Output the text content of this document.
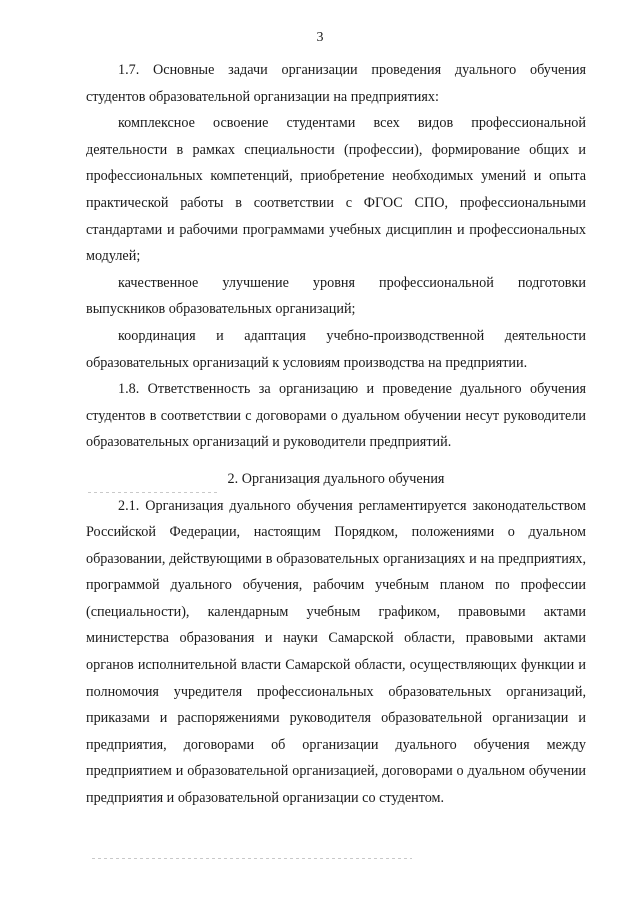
3

1.7. Основные задачи организации проведения дуального обучения студентов образовательной организации на предприятиях:

комплексное освоение студентами всех видов профессиональной деятельности в рамках специальности (профессии), формирование общих и профессиональных компетенций, приобретение необходимых умений и опыта практической работы в соответствии с ФГОС СПО, профессиональными стандартами и рабочими программами учебных дисциплин и профессиональных модулей;

качественное улучшение уровня профессиональной подготовки выпускников образовательных организаций;

координация и адаптация учебно-производственной деятельности образовательных организаций к условиям производства на предприятии.

1.8. Ответственность за организацию и проведение дуального обучения студентов в соответствии с договорами о дуальном обучении несут руководители образовательных организаций и руководители предприятий.

2. Организация дуального обучения

2.1. Организация дуального обучения регламентируется законодательством Российской Федерации, настоящим Порядком, положениями о дуальном образовании, действующими в образовательных организациях и на предприятиях, программой дуального обучения, рабочим учебным планом по профессии (специальности), календарным учебным графиком, правовыми актами министерства образования и науки Самарской области, правовыми актами органов исполнительной власти Самарской области, осуществляющих функции и полномочия учредителя профессиональных образовательных организаций, приказами и распоряжениями руководителя образовательной организации и предприятия, договорами об организации дуального обучения между предприятием и образовательной организацией, договорами о дуальном обучении предприятия и образовательной организации со студентом.
